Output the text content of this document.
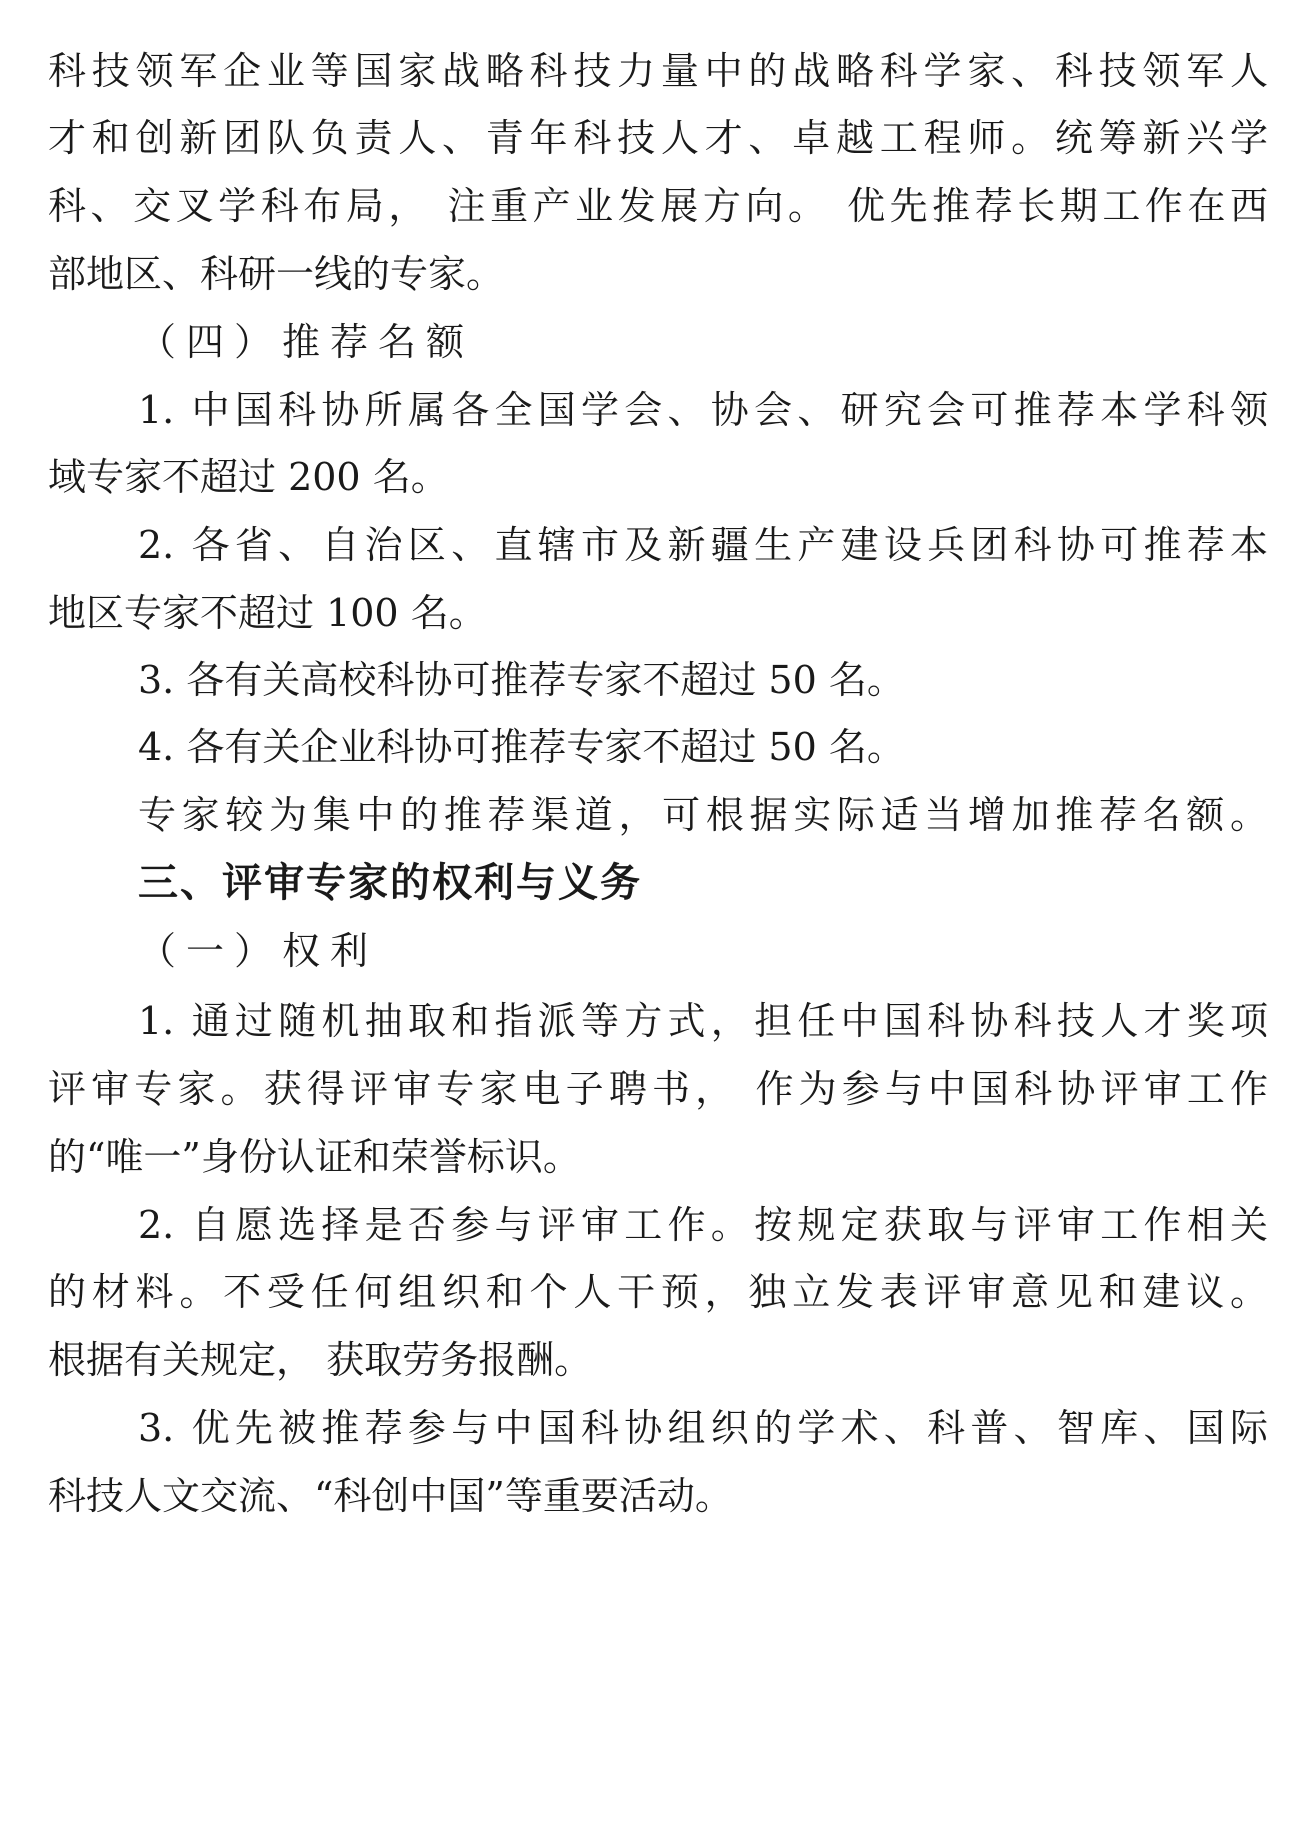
科技领军企业等国家战略科技力量中的战略科学家、科技领军人
才和创新团队负责人、青年科技人才、卓越工程师。统筹新兴学
科、交叉学科布局， 注重产业发展方向。 优先推荐长期工作在西
部地区、科研一线的专家。
（四）推荐名额
1. 中国科协所属各全国学会、协会、研究会可推荐本学科领
域专家不超过 200 名。
2. 各省、自治区、直辖市及新疆生产建设兵团科协可推荐本
地区专家不超过 100 名。
3. 各有关高校科协可推荐专家不超过 50 名。
4. 各有关企业科协可推荐专家不超过 50 名。
专家较为集中的推荐渠道，可根据实际适当增加推荐名额。
三、评审专家的权利与义务
（一）权利
1. 通过随机抽取和指派等方式，担任中国科协科技人才奖项
评审专家。获得评审专家电子聘书， 作为参与中国科协评审工作
的“唯一”身份认证和荣誉标识。
2. 自愿选择是否参与评审工作。按规定获取与评审工作相关
的材料。不受任何组织和个人干预，独立发表评审意见和建议。
根据有关规定， 获取劳务报酬。
3. 优先被推荐参与中国科协组织的学术、科普、智库、国际
科技人文交流、“科创中国”等重要活动。
